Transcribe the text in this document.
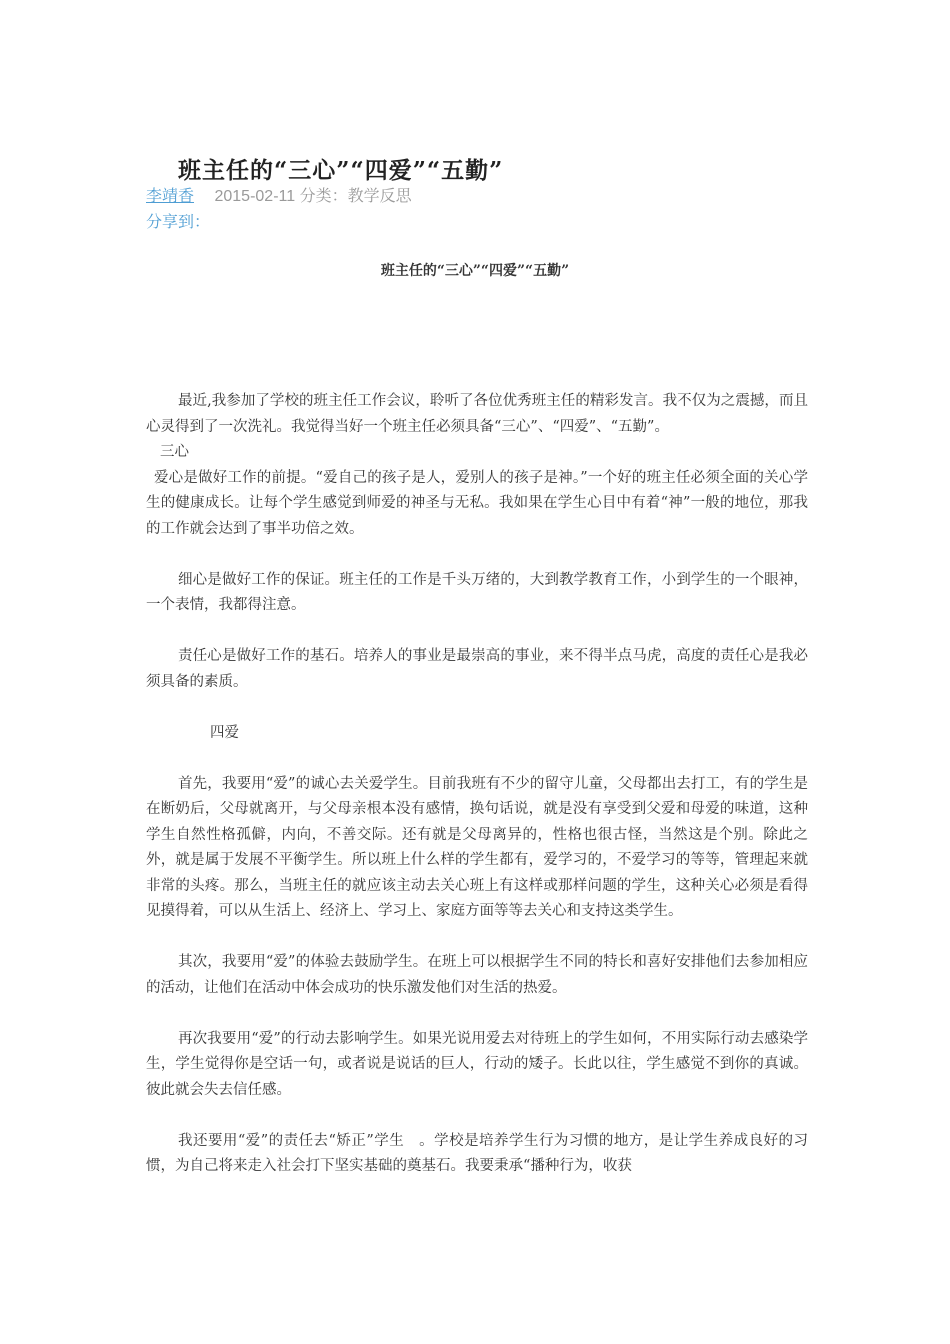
班主任的“三心”“四爱”“五勤”
李靖香 2015-02-11 分类：教学反思
分享到：
班主任的“三心”“四爱”“五勤”

最近,我参加了学校的班主任工作会议，聆听了各位优秀班主任的精彩发言。我不仅为之震撼，而且心灵得到了一次洗礼。我觉得当好一个班主任必须具备“三心”、“四爱”、“五勤”。

三心

爱心是做好工作的前提。“爱自己的孩子是人，爱别人的孩子是神。”一个好的班主任必须全面的关心学生的健康成长。让每个学生感觉到师爱的神圣与无私。我如果在学生心目中有着“神”一般的地位，那我的工作就会达到了事半功倍之效。

细心是做好工作的保证。班主任的工作是千头万绪的，大到教学教育工作，小到学生的一个眼神，一个表情，我都得注意。

责任心是做好工作的基石。培养人的事业是最崇高的事业，来不得半点马虎，高度的责任心是我必须具备的素质。

四爱

首先，我要用“爱”的诚心去关爱学生。目前我班有不少的留守儿童，父母都出去打工，有的学生是在断奶后，父母就离开，与父母亲根本没有感情，换句话说，就是没有享受到父爱和母爱的味道，这种学生自然性格孤僻，内向，不善交际。还有就是父母离异的，性格也很古怪，当然这是个别。除此之外，就是属于发展不平衡学生。所以班上什么样的学生都有，爱学习的，不爱学习的等等，管理起来就非常的头疼。那么，当班主任的就应该主动去关心班上有这样或那样问题的学生，这种关心必须是看得见摸得着，可以从生活上、经济上、学习上、家庭方面等等去关心和支持这类学生。

其次，我要用“爱”的体验去鼓励学生。在班上可以根据学生不同的特长和喜好安排他们去参加相应的活动，让他们在活动中体会成功的快乐激发他们对生活的热爱。

再次我要用“爱”的行动去影响学生。如果光说用爱去对待班上的学生如何，不用实际行动去感染学生，学生觉得你是空话一句，或者说是说话的巨人，行动的矮子。长此以往，学生感觉不到你的真诚。彼此就会失去信任感。

我还要用“爱”的责任去“矫正”学生　。学校是培养学生行为习惯的地方，是让学生养成良好的习惯，为自己将来走入社会打下坚实基础的奠基石。我要秉承“播种行为，收获
